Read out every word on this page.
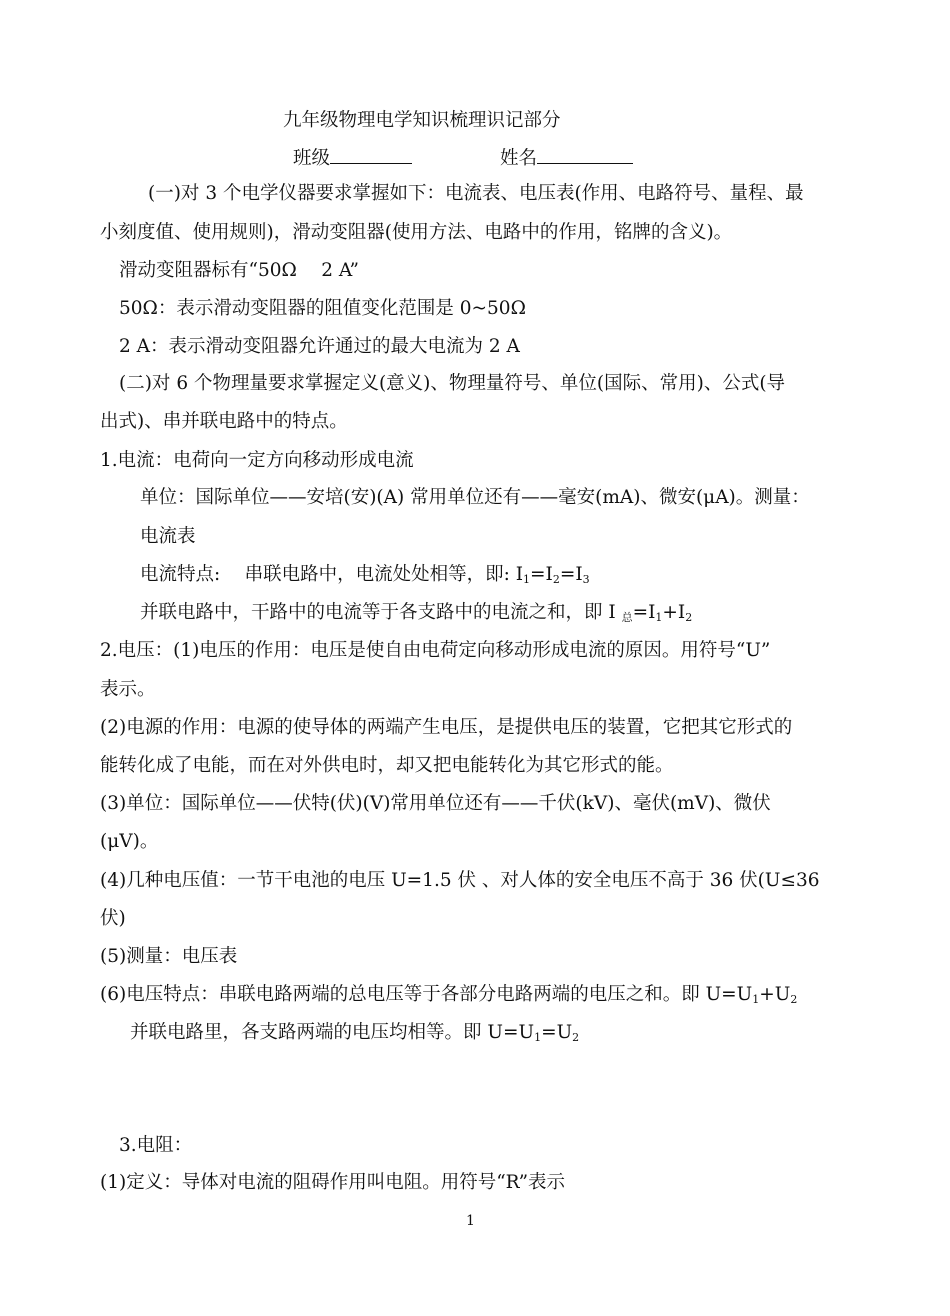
九年级物理电学知识梳理识记部分
班级	姓名
(一)对 3 个电学仪器要求掌握如下：电流表、电压表(作用、电路符号、量程、最
小刻度值、使用规则)，滑动变阻器(使用方法、电路中的作用，铭牌的含义)。
滑动变阻器标有“50Ω　 2 A”
50Ω：表示滑动变阻器的阻值变化范围是 0~50Ω
2 A：表示滑动变阻器允许通过的最大电流为 2 A
(二)对 6 个物理量要求掌握定义(意义)、物理量符号、单位(国际、常用)、公式(导
出式)、串并联电路中的特点。
1.电流：电荷向一定方向移动形成电流
单位：国际单位——安培(安)(A) 常用单位还有——毫安(mA)、微安(μA)。测量：
电流表
电流特点:　 串联电路中，电流处处相等，即: $I_1=I_2=I_3$
并联电路中，干路中的电流等于各支路中的电流之和，即 I $_总=I_1+I_2$
2.电压：(1)电压的作用：电压是使自由电荷定向移动形成电流的原因。用符号“U”
表示。
(2)电源的作用：电源的使导体的两端产生电压，是提供电压的装置，它把其它形式的
能转化成了电能，而在对外供电时，却又把电能转化为其它形式的能。
(3)单位：国际单位——伏特(伏)(V)常用单位还有——千伏(kV)、毫伏(mV)、微伏
(μV)。
(4)几种电压值：一节干电池的电压 U=1.5 伏 、对人体的安全电压不高于 36 伏(U≤36
伏)
(5)测量：电压表
(6)电压特点：串联电路两端的总电压等于各部分电路两端的电压之和。即 $U=U_1+U_2$
并联电路里，各支路两端的电压均相等。即 $U=U_1=U_2$
3.电阻：
(1)定义：导体对电流的阻碍作用叫电阻。用符号“R”表示
1
